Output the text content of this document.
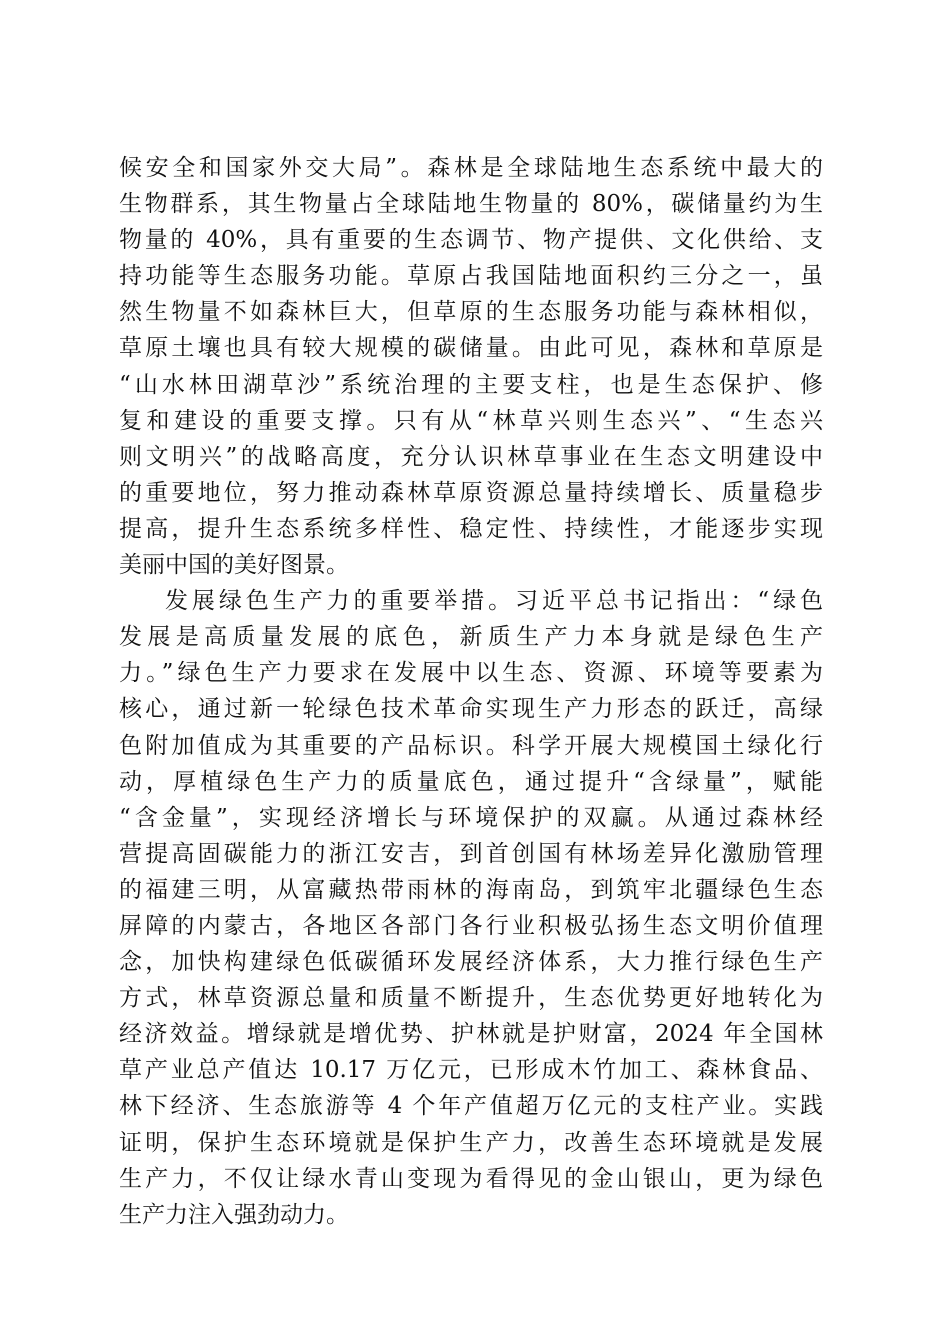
候安全和国家外交大局”。森林是全球陆地生态系统中最大的
生物群系，其生物量占全球陆地生物量的 80%，碳储量约为生
物量的 40%，具有重要的生态调节、物产提供、文化供给、支
持功能等生态服务功能。草原占我国陆地面积约三分之一，虽
然生物量不如森林巨大，但草原的生态服务功能与森林相似，
草原土壤也具有较大规模的碳储量。由此可见，森林和草原是
“山水林田湖草沙”系统治理的主要支柱，也是生态保护、修
复和建设的重要支撑。只有从“林草兴则生态兴”、“生态兴
则文明兴”的战略高度，充分认识林草事业在生态文明建设中
的重要地位，努力推动森林草原资源总量持续增长、质量稳步
提高，提升生态系统多样性、稳定性、持续性，才能逐步实现
美丽中国的美好图景。
发展绿色生产力的重要举措。习近平总书记指出：“绿色
发展是高质量发展的底色，新质生产力本身就是绿色生产
力。”绿色生产力要求在发展中以生态、资源、环境等要素为
核心，通过新一轮绿色技术革命实现生产力形态的跃迁，高绿
色附加值成为其重要的产品标识。科学开展大规模国土绿化行
动，厚植绿色生产力的质量底色，通过提升“含绿量”，赋能
“含金量”，实现经济增长与环境保护的双赢。从通过森林经
营提高固碳能力的浙江安吉，到首创国有林场差异化激励管理
的福建三明，从富藏热带雨林的海南岛，到筑牢北疆绿色生态
屏障的内蒙古，各地区各部门各行业积极弘扬生态文明价值理
念，加快构建绿色低碳循环发展经济体系，大力推行绿色生产
方式，林草资源总量和质量不断提升，生态优势更好地转化为
经济效益。增绿就是增优势、护林就是护财富，2024 年全国林
草产业总产值达 10.17 万亿元，已形成木竹加工、森林食品、
林下经济、生态旅游等 4 个年产值超万亿元的支柱产业。实践
证明，保护生态环境就是保护生产力，改善生态环境就是发展
生产力，不仅让绿水青山变现为看得见的金山银山，更为绿色
生产力注入强劲动力。
